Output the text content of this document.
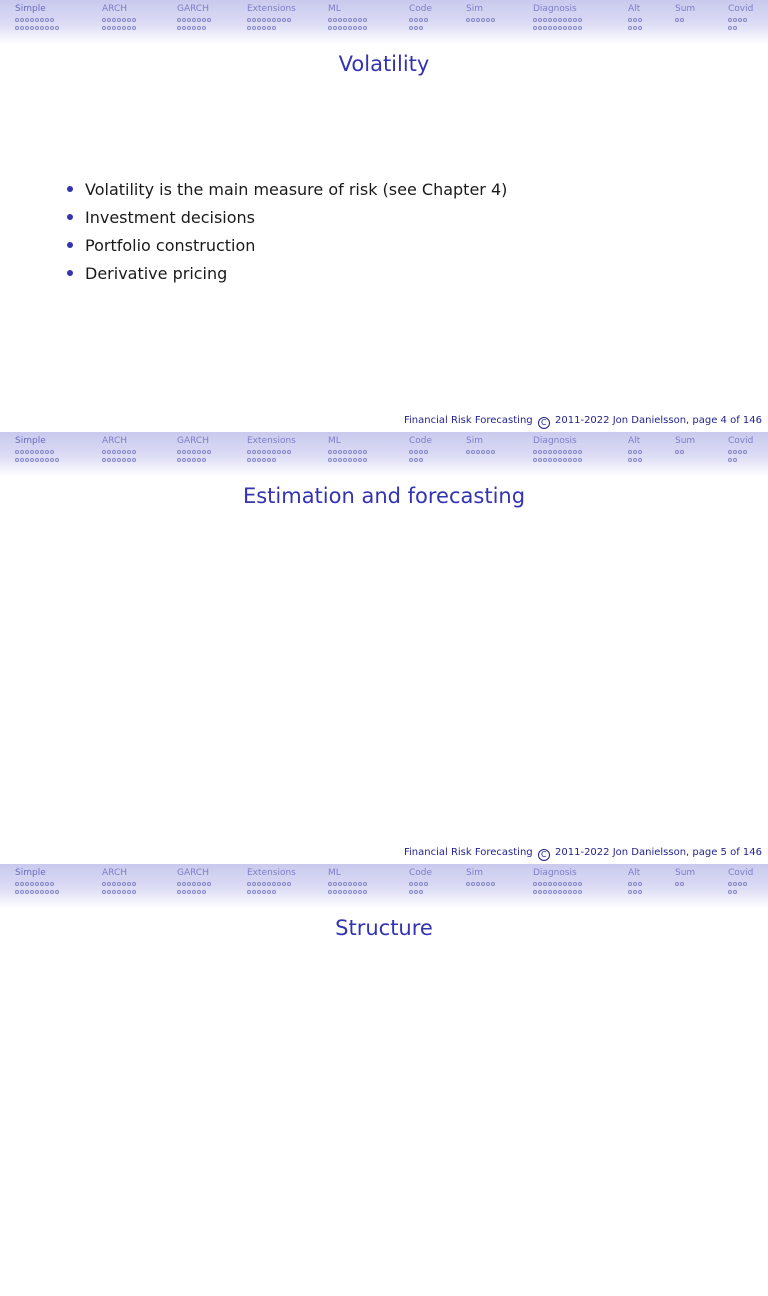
Simple	ARCH	GARCH	Extensions	ML	Code	Sim	Diagnosis	Alt	Sum	Covid
Volatility
Volatility is the main measure of risk (see Chapter 4)
Investment decisions
Portfolio construction
Derivative pricing
Financial Risk Forecasting C 2011-2022 Jon Danielsson, page 4 of 146
Simple	ARCH	GARCH	Extensions	ML	Code	Sim	Diagnosis	Alt	Sum	Covid
Estimation and forecasting
Financial Risk Forecasting C 2011-2022 Jon Danielsson, page 5 of 146
Simple	ARCH	GARCH	Extensions	ML	Code	Sim	Diagnosis	Alt	Sum	Covid
Structure
